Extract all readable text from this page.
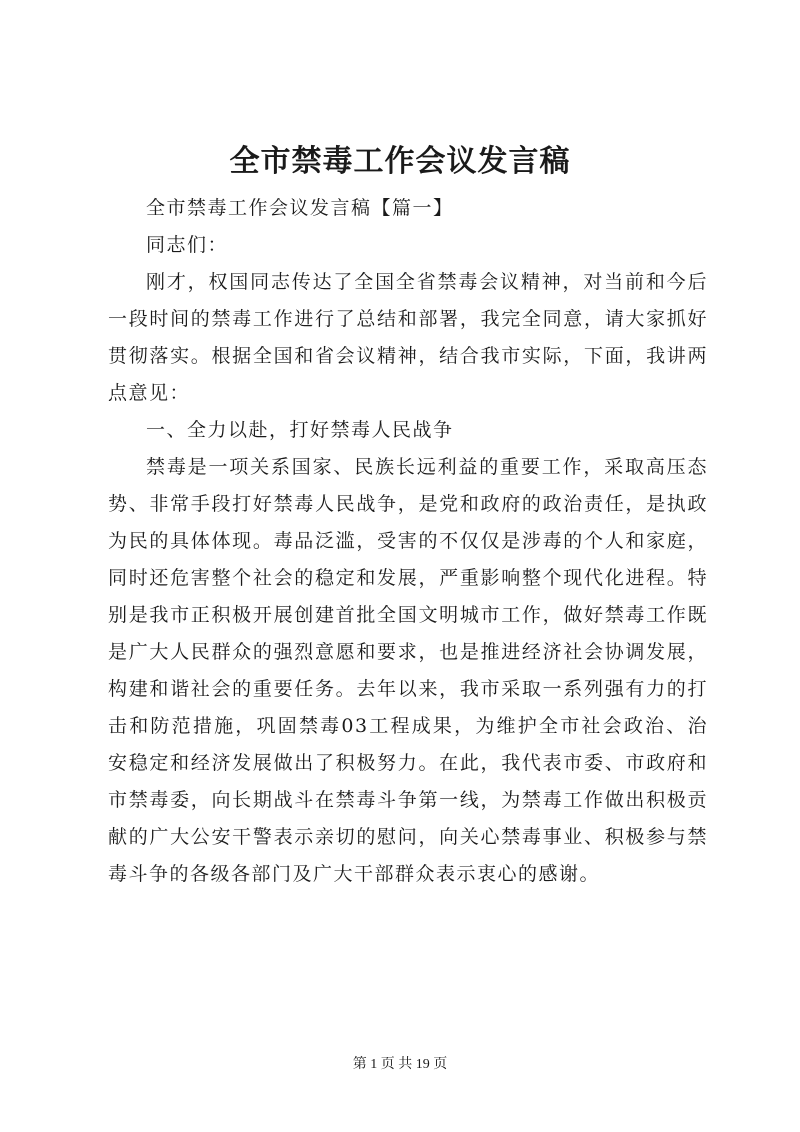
全市禁毒工作会议发言稿

全市禁毒工作会议发言稿【篇一】

同志们：

刚才，权国同志传达了全国全省禁毒会议精神，对当前和今后一段时间的禁毒工作进行了总结和部署，我完全同意，请大家抓好贯彻落实。根据全国和省会议精神，结合我市实际，下面，我讲两点意见：

一、全力以赴，打好禁毒人民战争

禁毒是一项关系国家、民族长远利益的重要工作，采取高压态势、非常手段打好禁毒人民战争，是党和政府的政治责任，是执政为民的具体体现。毒品泛滥，受害的不仅仅是涉毒的个人和家庭，同时还危害整个社会的稳定和发展，严重影响整个现代化进程。特别是我市正积极开展创建首批全国文明城市工作，做好禁毒工作既是广大人民群众的强烈意愿和要求，也是推进经济社会协调发展，构建和谐社会的重要任务。去年以来，我市采取一系列强有力的打击和防范措施，巩固禁毒03工程成果，为维护全市社会政治、治安稳定和经济发展做出了积极努力。在此，我代表市委、市政府和市禁毒委，向长期战斗在禁毒斗争第一线，为禁毒工作做出积极贡献的广大公安干警表示亲切的慰问，向关心禁毒事业、积极参与禁毒斗争的各级各部门及广大干部群众表示衷心的感谢。

第 1 页 共 19 页
